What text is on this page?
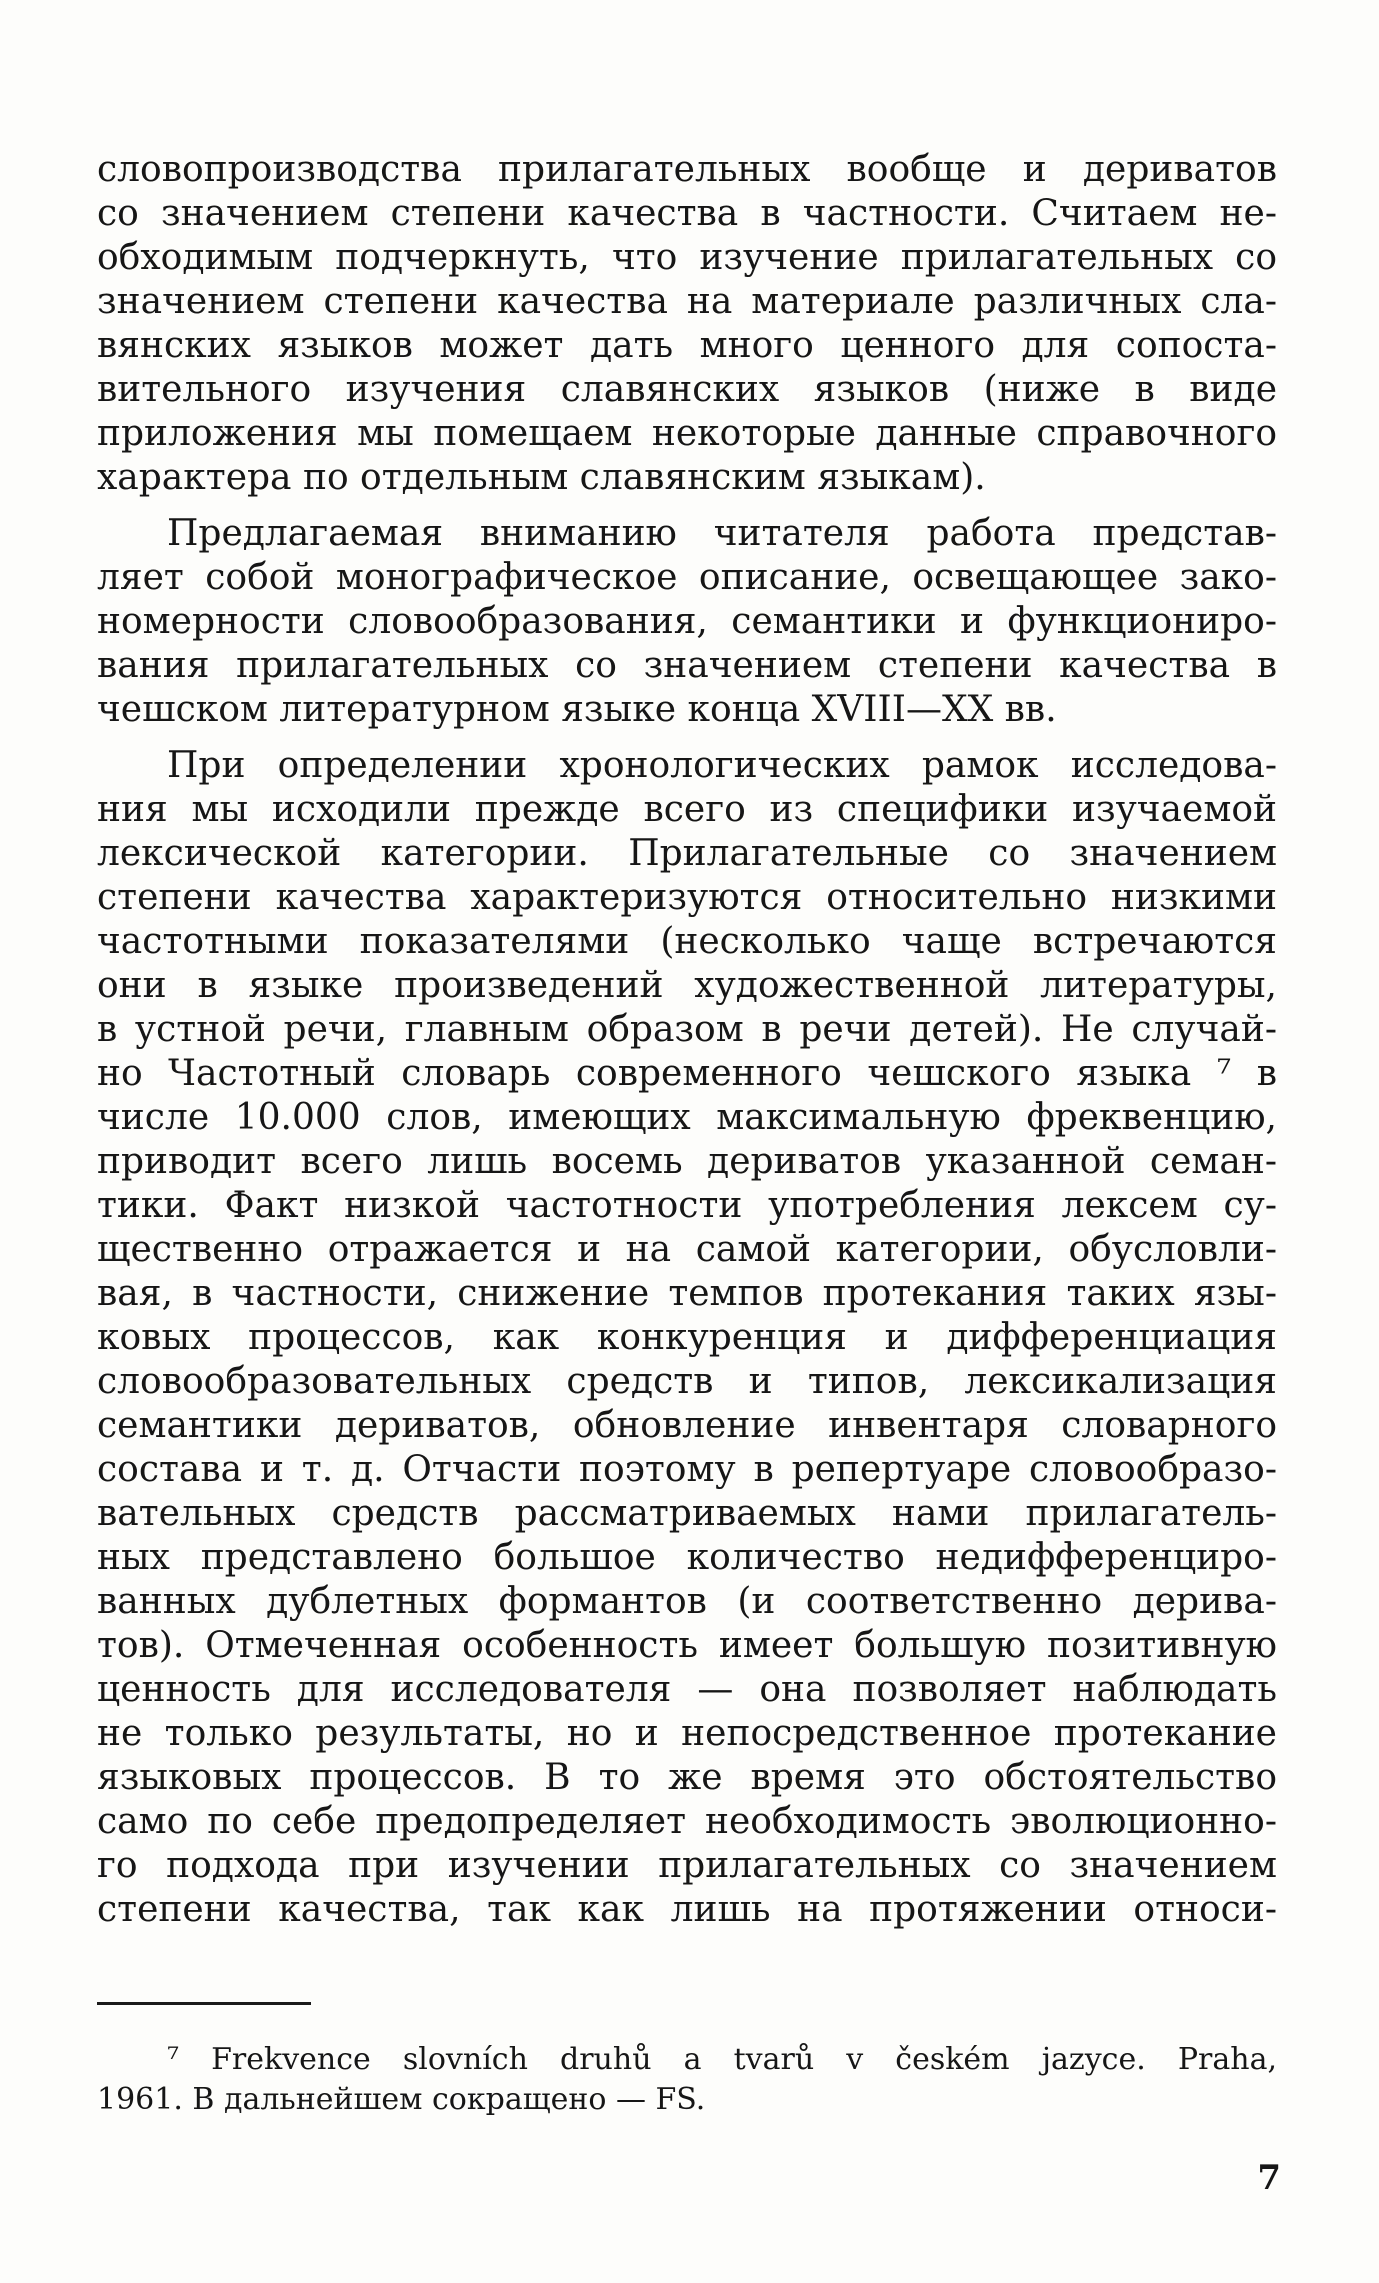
словопроизводства прилагательных вообще и дериватов
со значением степени качества в частности. Считаем не-
обходимым подчеркнуть, что изучение прилагательных со
значением степени качества на материале различных сла-
вянских языков может дать много ценного для сопоста-
вительного изучения славянских языков (ниже в виде
приложения мы помещаем некоторые данные справочного
характера по отдельным славянским языкам).
Предлагаемая вниманию читателя работа представ-
ляет собой монографическое описание, освещающее зако-
номерности словообразования, семантики и функциониро-
вания прилагательных со значением степени качества в
чешском литературном языке конца XVIII—XX вв.
При определении хронологических рамок исследова-
ния мы исходили прежде всего из специфики изучаемой
лексической категории. Прилагательные со значением
степени качества характеризуются относительно низкими
частотными показателями (несколько чаще встречаются
они в языке произведений художественной литературы,
в устной речи, главным образом в речи детей). Не случай-
но Частотный словарь современного чешского языка ⁷ в
числе 10.000 слов, имеющих максимальную фреквенцию,
приводит всего лишь восемь дериватов указанной семан-
тики. Факт низкой частотности употребления лексем су-
щественно отражается и на самой категории, обусловли-
вая, в частности, снижение темпов протекания таких язы-
ковых процессов, как конкуренция и дифференциация
словообразовательных средств и типов, лексикализация
семантики дериватов, обновление инвентаря словарного
состава и т. д. Отчасти поэтому в репертуаре словообразо-
вательных средств рассматриваемых нами прилагатель-
ных представлено большое количество недифференциро-
ванных дублетных формантов (и соответственно дерива-
тов). Отмеченная особенность имеет большую позитивную
ценность для исследователя — она позволяет наблюдать
не только результаты, но и непосредственное протекание
языковых процессов. В то же время это обстоятельство
само по себе предопределяет необходимость эволюционно-
го подхода при изучении прилагательных со значением
степени качества, так как лишь на протяжении относи-
⁷ Frekvence slovních druhů a tvarů v českém jazyce. Praha,
1961. В дальнейшем сокращено — FS.
7
